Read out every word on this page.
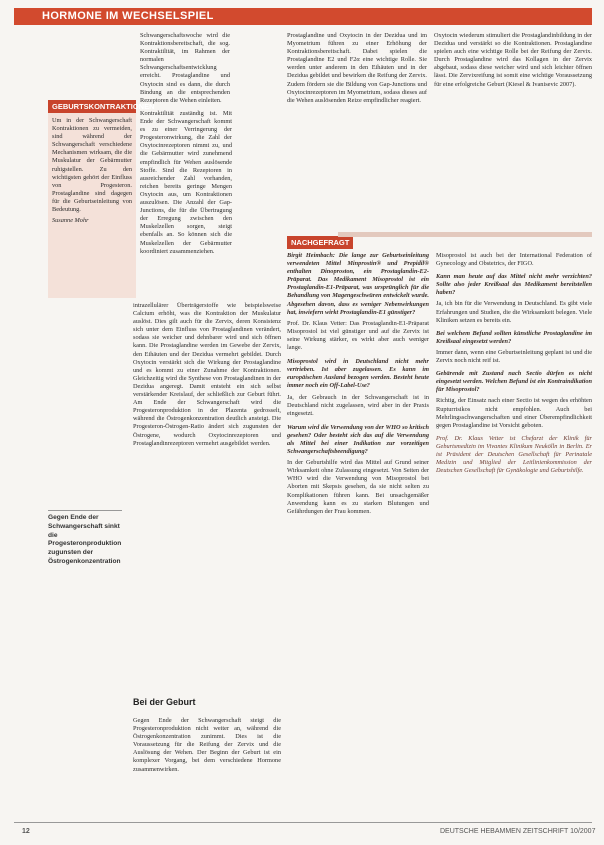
HORMONE IM WECHSELSPIEL

Schwangerschaftswoche wird die Kontraktionsbereitschaft, die sog. Kontraktilität, im Rahmen der normalen Schwangerschaftsentwicklung erreicht. Prostaglandine und Oxytocin sind es dann, die durch Bindung an die entsprechenden Rezeptoren die Wehen einleiten.

GEBURTSKONTRAKTIONEN

Um in der Schwangerschaft Kontraktionen zu vermeiden, sind während der Schwangerschaft verschiedene Mechanismen wirksam, die die Muskulatur der Gebärmutter ruhigstellen. Zu den wichtigsten gehört der Einfluss von Progesteron. Prostaglandine sind dagegen für die Geburtseinleitung von Bedeutung.

Susanne Mohr

Kontraktilität zuständig ist. Mit Ende der Schwangerschaft kommt es zu einer Verringerung der Progesteronwirkung, die Zahl der Oxytocinrezeptoren nimmt zu, und die Gebärmutter wird zunehmend empfindlich für Wehen auslösende Stoffe. Sind die Rezeptoren in ausreichender Zahl vorhanden, reichen bereits geringe Mengen Oxytocin aus, um Kontraktionen auszulösen. Die Anzahl der Gap-Junctions, die für die Übertragung der Erregung zwischen den Muskelzellen sorgen, steigt ebenfalls an. So können sich die Muskelzellen der Gebärmutter koordiniert zusammenziehen.

Gegen Ende der Schwangerschaft sinkt die Progesteronproduktion zugunsten der Östrogenkonzentration

intrazellulärer Überträgerstoffe wie beispielsweise Calcium erhöht, was die Kontraktion der Muskulatur auslöst. Dies gilt auch für die Zervix, deren Konsistenz sich unter dem Einfluss von Prostaglandinen verändert, sodass sie weicher und dehnbarer wird und sich öffnen kann. Die Prostaglandine werden im Gewebe der Zervix, den Eihäuten und der Dezidua vermehrt gebildet. Durch Oxytocin verstärkt sich die Wirkung der Prostaglandine und es kommt zu einer Zunahme der Kontraktionen. Gleichzeitig wird die Synthese von Prostaglandinen in der Dezidua angeregt. Damit entsteht ein sich selbst verstärkender Kreislauf, der schließlich zur Geburt führt. Am Ende der Schwangerschaft wird die Progesteronproduktion in der Plazenta gedrosselt, während die Östrogenkonzentration deutlich ansteigt. Die Progesteron-Östrogen-Ratio ändert sich zugunsten der Östrogene, wodurch Oxytocinrezeptoren und Prostaglandinrezeptoren vermehrt ausgebildet werden.

Bei der Geburt

Gegen Ende der Schwangerschaft steigt die Progesteronproduktion nicht weiter an, während die Östrogenkonzentration zunimmt. Dies ist die Voraussetzung für die Reifung der Zervix und die Auslösung der Wehen. Der Beginn der Geburt ist ein komplexer Vorgang, bei dem verschiedene Hormone zusammenwirken.

Prostaglandine und Oxytocin in der Dezidua und im Myometrium führen zu einer Erhöhung der Kontraktionsbereitschaft. Dabei spielen die Prostaglandine E2 und F2α eine wichtige Rolle. Sie werden unter anderem in den Eihäuten und in der Dezidua gebildet und bewirken die Reifung der Zervix. Zudem fördern sie die Bildung von Gap-Junctions und Oxytocinrezeptoren im Myometrium, sodass dieses auf die Wehen auslösenden Reize empfindlicher reagiert.

Oxytocin wiederum stimuliert die Prostaglandinbildung in der Dezidua und verstärkt so die Kontraktionen. Prostaglandine spielen auch eine wichtige Rolle bei der Reifung der Zervix. Durch Prostaglandine wird das Kollagen in der Zervix abgebaut, sodass diese weicher wird und sich leichter öffnen lässt. Die Zervixreifung ist somit eine wichtige Voraussetzung für eine erfolgreiche Geburt (Kiesel & Ivanisevic 2007).

NACHGEFRAGT

Birgit Heimbach: Die lange zur Geburtseinleitung verwendeten Mittel Minprostin® und Prepidil® enthalten Dinoproston, ein Prostaglandin-E2-Präparat. Das Medikament Misoprostol ist ein Prostaglandin-E1-Präparat, was ursprünglich für die Behandlung von Magengeschwüren entwickelt wurde. Abgesehen davon, dass es weniger Nebenwirkungen hat, inwiefern wirkt Prostaglandin-E1 günstiger?

Prof. Dr. Klaus Vetter: Das Prostaglandin-E1-Präparat Misoprostol ist viel günstiger und auf die Zervix ist seine Wirkung stärker, es wirkt aber auch weniger lange.

Misoprostol wird in Deutschland nicht mehr vertrieben. Ist aber zugelassen. Es kann im europäischen Ausland bezogen werden. Besteht heute immer noch ein Off-Label-Use?

Ja, der Gebrauch in der Schwangerschaft ist in Deutschland nicht zugelassen, wird aber in der Praxis eingesetzt.

Warum wird die Verwendung von der WHO so kritisch gesehen? Oder besteht sich das auf die Verwendung als Mittel bei einer Indikation zur vorzeitigen Schwangerschaftsbeendigung?

In der Geburtshilfe wird das Mittel auf Grund seiner Wirksamkeit ohne Zulassung eingesetzt. Von Seiten der WHO wird die Verwendung von Misoprostol bei Aborten mit Skepsis gesehen, da sie nicht selten zu Komplikationen führen kann. Bei unsachgemäßer Anwendung kann es zu starken Blutungen und Gefährdungen der Frau kommen.

Misoprostol ist auch bei der International Federation of Gynecology and Obstetrics, der FIGO.

Kann man heute auf das Mittel nicht mehr verzichten? Sollte also jeder Kreißsaal das Medikament bereitstellen haben?

Ja, ich bin für die Verwendung in Deutschland. Es gibt viele Erfahrungen und Studien, die die Wirksamkeit belegen. Viele Kliniken setzen es bereits ein.

Bei welchem Befund sollten künstliche Prostaglandine im Kreißsaal eingesetzt werden?

Immer dann, wenn eine Geburtseinleitung geplant ist und die Zervix noch nicht reif ist.

Gebärende mit Zustand nach Sectio dürfen es nicht eingesetzt werden. Welchen Befund ist ein Kontraindikation für Misoprostol?

Richtig, der Einsatz nach einer Sectio ist wegen des erhöhten Rupturrisikos nicht empfohlen. Auch bei Mehrlingsschwangerschaften und einer Überempfindlichkeit gegen Prostaglandine ist Vorsicht geboten.

Prof. Dr. Klaus Vetter ist Chefarzt der Klinik für Geburtsmedizin im Vivantes Klinikum Neukölln in Berlin. Er ist Präsident der Deutschen Gesellschaft für Perinatale Medizin und Mitglied der Leitlinienkommission der Deutschen Gesellschaft für Gynäkologie und Geburtshilfe.

12	DEUTSCHE HEBAMMEN ZEITSCHRIFT 10/2007
